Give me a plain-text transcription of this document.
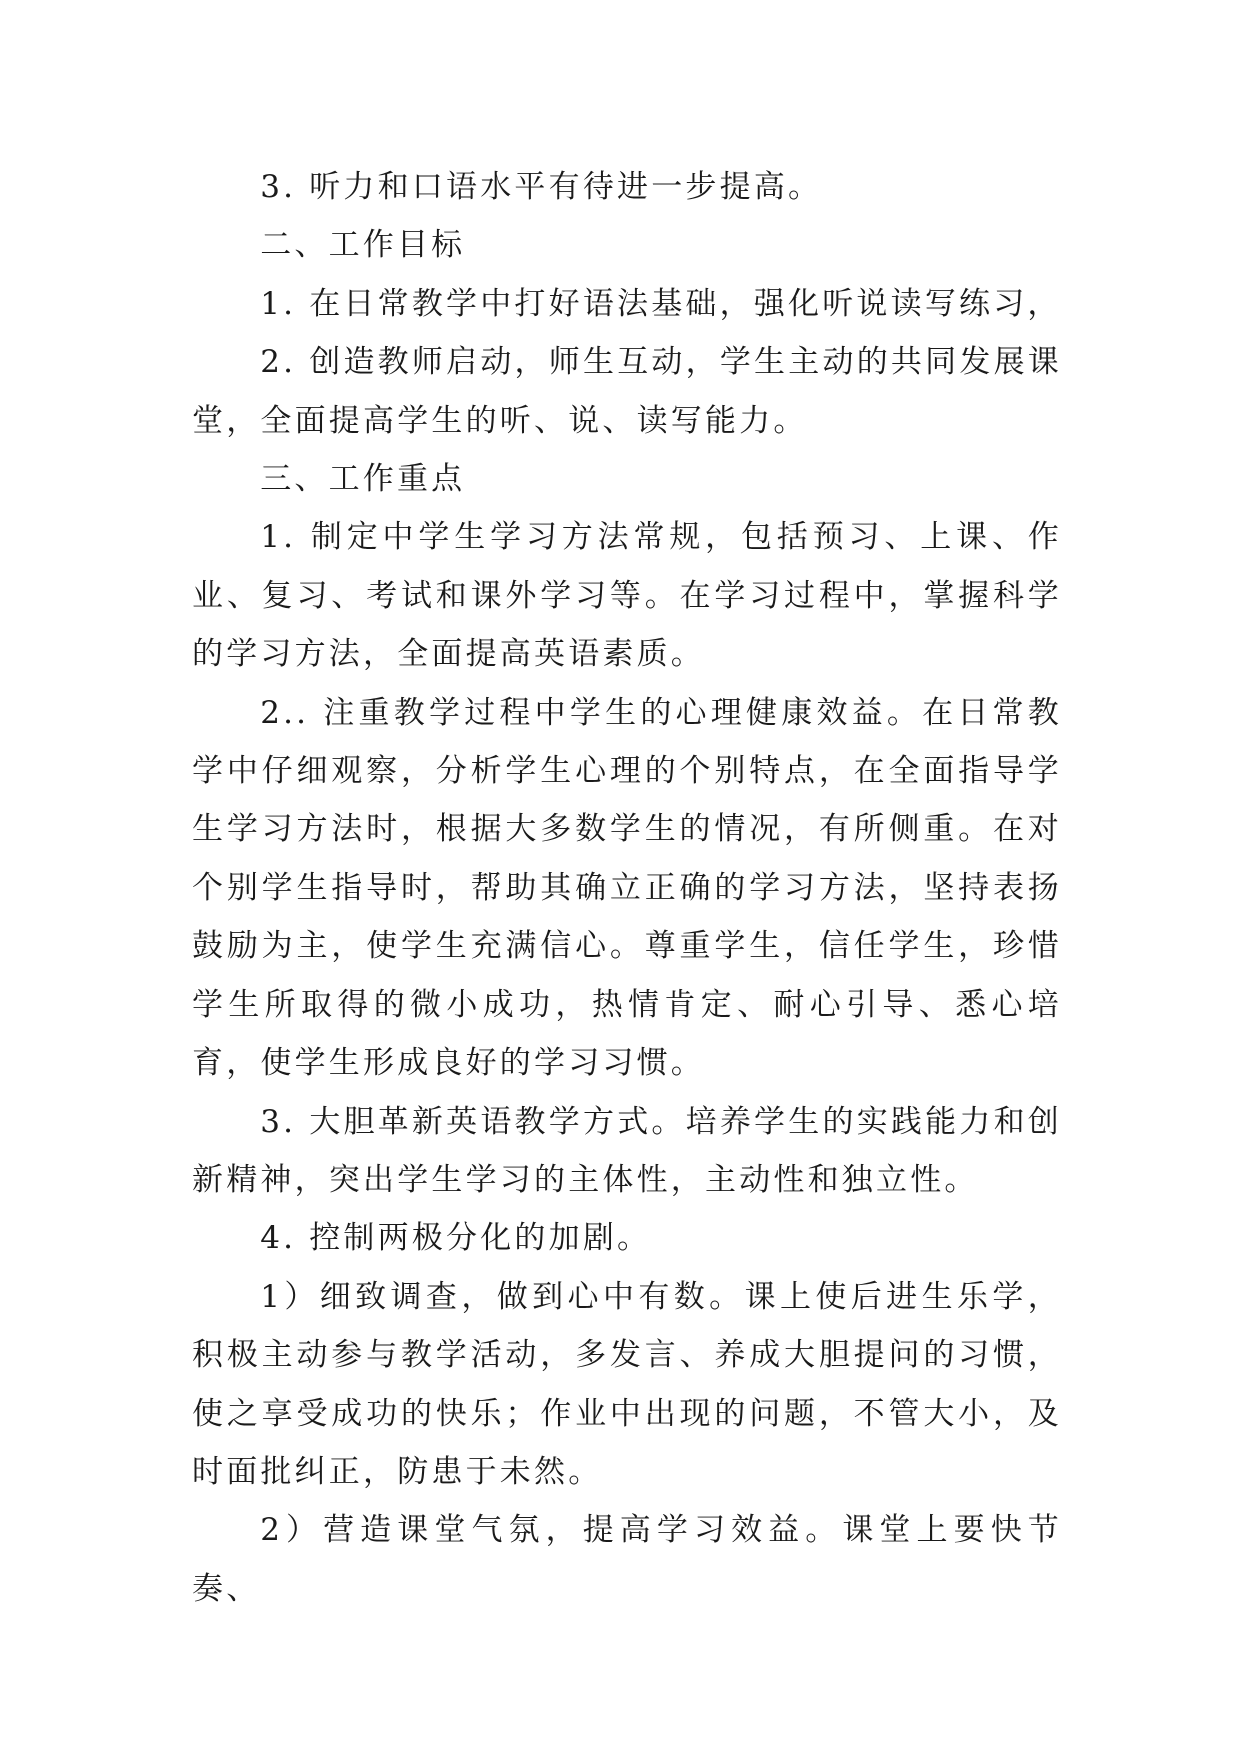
3. 听力和口语水平有待进一步提高。

二、工作目标

1. 在日常教学中打好语法基础，强化听说读写练习，

2. 创造教师启动，师生互动，学生主动的共同发展课堂，全面提高学生的听、说、读写能力。

三、工作重点

1. 制定中学生学习方法常规，包括预习、上课、作业、复习、考试和课外学习等。在学习过程中，掌握科学的学习方法，全面提高英语素质。

2.. 注重教学过程中学生的心理健康效益。在日常教学中仔细观察，分析学生心理的个别特点，在全面指导学生学习方法时，根据大多数学生的情况，有所侧重。在对个别学生指导时，帮助其确立正确的学习方法，坚持表扬鼓励为主，使学生充满信心。尊重学生，信任学生，珍惜学生所取得的微小成功，热情肯定、耐心引导、悉心培育，使学生形成良好的学习习惯。

3. 大胆革新英语教学方式。培养学生的实践能力和创新精神，突出学生学习的主体性，主动性和独立性。

4. 控制两极分化的加剧。

1）细致调查，做到心中有数。课上使后进生乐学，积极主动参与教学活动，多发言、养成大胆提问的习惯，使之享受成功的快乐；作业中出现的问题，不管大小，及时面批纠正，防患于未然。

2）营造课堂气氛，提高学习效益。课堂上要快节奏、
